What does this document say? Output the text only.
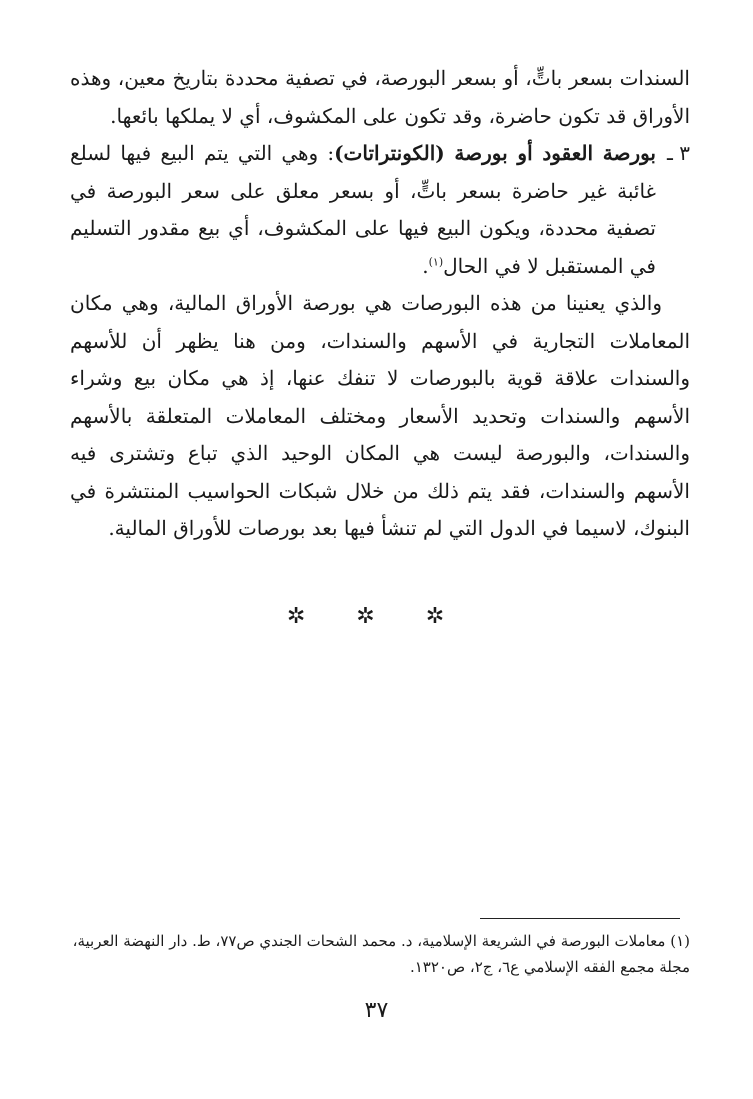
السندات بسعر باتٍّ، أو بسعر البورصة، في تصفية محددة بتاريخ معين، وهذه الأوراق قد تكون حاضرة، وقد تكون على المكشوف، أي لا يملكها بائعها.

٣ ـ
بورصة العقود أو بورصة (الكونتراتات): وهي التي يتم البيع فيها لسلع غائبة غير حاضرة بسعر باتٍّ، أو بسعر معلق على سعر البورصة في تصفية محددة، ويكون البيع فيها على المكشوف، أي بيع مقدور التسليم في المستقبل لا في الحال$^{(١)}$.

والذي يعنينا من هذه البورصات هي بورصة الأوراق المالية، وهي مكان المعاملات التجارية في الأسهم والسندات، ومن هنا يظهر أن للأسهم والسندات علاقة قوية بالبورصات لا تنفك عنها، إذ هي مكان بيع وشراء الأسهم والسندات وتحديد الأسعار ومختلف المعاملات المتعلقة بالأسهم والسندات، والبورصة ليست هي المكان الوحيد الذي تباع وتشترى فيه الأسهم والسندات، فقد يتم ذلك من خلال شبكات الحواسيب المنتشرة في البنوك، لاسيما في الدول التي لم تنشأ فيها بعد بورصات للأوراق المالية.

✲ ✲ ✲
(١) معاملات البورصة في الشريعة الإسلامية، د. محمد الشحات الجندي ص٧٧، ط. دار النهضة العربية، مجلة مجمع الفقه الإسلامي ع٦، ج٢، ص١٣٢٠.
٣٧
